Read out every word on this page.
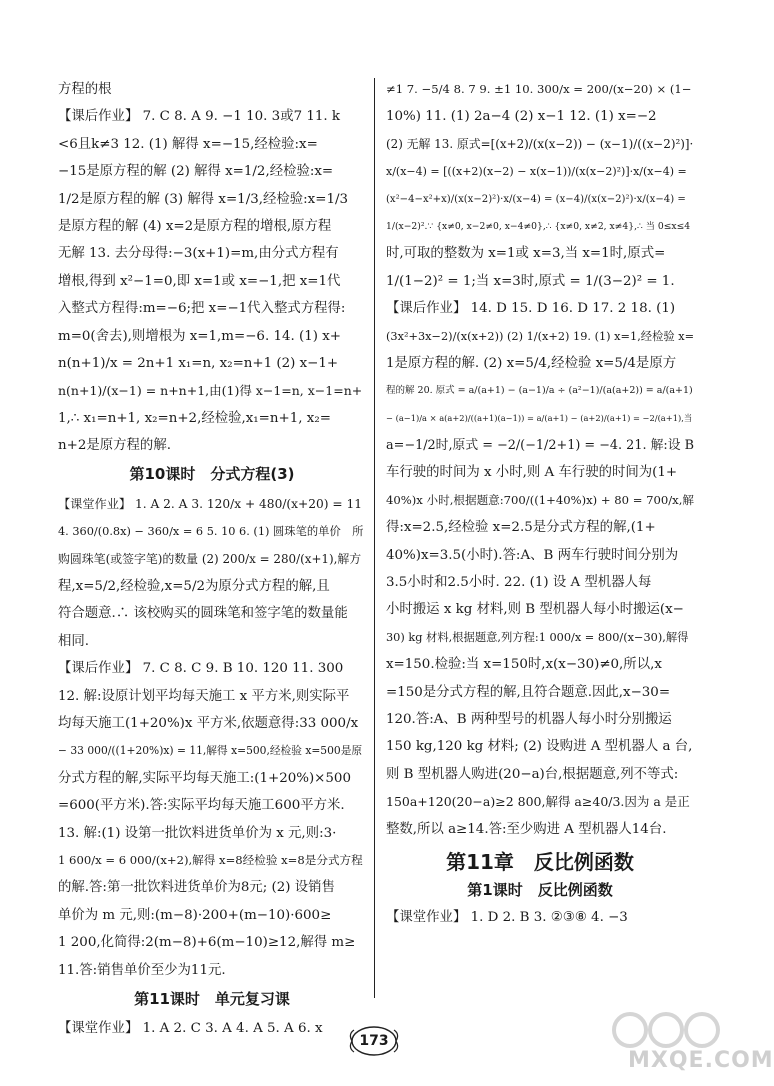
方程的根
【课后作业】 7. C 8. A 9. −1 10. 3或7 11. k
<6且k≠3 12. (1) 解得 x=−15,经检验:x=
−15是原方程的解 (2) 解得 x=1/2,经检验:x=
1/2是原方程的解 (3) 解得 x=1/3,经检验:x=1/3
是原方程的解 (4) x=2是原方程的增根,原方程
无解 13. 去分母得:−3(x+1)=m,由分式方程有
增根,得到 x²−1=0,即 x=1或 x=−1,把 x=1代
入整式方程得:m=−6;把 x=−1代入整式方程得:
m=0(舍去),则增根为 x=1,m=−6. 14. (1) x+
n(n+1)/x = 2n+1 x₁=n, x₂=n+1 (2) x−1+
n(n+1)/(x−1) = n+n+1,由(1)得 x−1=n, x−1=n+
1,∴ x₁=n+1, x₂=n+2,经检验,x₁=n+1, x₂=
n+2是原方程的解.
第10课时　分式方程(3)
【课堂作业】 1. A 2. A 3. 120/x + 480/(x+20) = 11
4. 360/(0.8x) − 360/x = 6 5. 10 6. (1) 圆珠笔的单价　所
购圆珠笔(或签字笔)的数量 (2) 200/x = 280/(x+1),解方
程,x=5/2,经检验,x=5/2为原分式方程的解,且
符合题意.∴ 该校购买的圆珠笔和签字笔的数量能
相同.
【课后作业】 7. C 8. C 9. B 10. 120 11. 300
12. 解:设原计划平均每天施工 x 平方米,则实际平
均每天施工(1+20%)x 平方米,依题意得:33 000/x
− 33 000/((1+20%)x) = 11,解得 x=500,经检验 x=500是原
分式方程的解,实际平均每天施工:(1+20%)×500
=600(平方米).答:实际平均每天施工600平方米.
13. 解:(1) 设第一批饮料进货单价为 x 元,则:3·
1 600/x = 6 000/(x+2),解得 x=8经检验 x=8是分式方程
的解.答:第一批饮料进货单价为8元; (2) 设销售
单价为 m 元,则:(m−8)·200+(m−10)·600≥
1 200,化简得:2(m−8)+6(m−10)≥12,解得 m≥
11.答:销售单价至少为11元.
第11课时　单元复习课
【课堂作业】 1. A 2. C 3. A 4. A 5. A 6. x
≠1 7. −5/4 8. 7 9. ±1 10. 300/x = 200/(x−20) × (1−
10%) 11. (1) 2a−4 (2) x−1 12. (1) x=−2
(2) 无解 13. 原式=[(x+2)/(x(x−2)) − (x−1)/((x−2)²)]·
x/(x−4) = [((x+2)(x−2) − x(x−1))/(x(x−2)²)]·x/(x−4) =
(x²−4−x²+x)/(x(x−2)²)·x/(x−4) = (x−4)/(x(x−2)²)·x/(x−4) =
1/(x−2)².∵ {x≠0, x−2≠0, x−4≠0},∴ {x≠0, x≠2, x≠4},∴ 当 0≤x≤4
时,可取的整数为 x=1或 x=3,当 x=1时,原式=
1/(1−2)² = 1;当 x=3时,原式 = 1/(3−2)² = 1.
【课后作业】 14. D 15. D 16. D 17. 2 18. (1)
(3x²+3x−2)/(x(x+2)) (2) 1/(x+2) 19. (1) x=1,经检验 x=
1是原方程的解. (2) x=5/4,经检验 x=5/4是原方
程的解 20. 原式 = a/(a+1) − (a−1)/a ÷ (a²−1)/(a(a+2)) = a/(a+1)
− (a−1)/a × a(a+2)/((a+1)(a−1)) = a/(a+1) − (a+2)/(a+1) = −2/(a+1),当
a=−1/2时,原式 = −2/(−1/2+1) = −4. 21. 解:设 B
车行驶的时间为 x 小时,则 A 车行驶的时间为(1+
40%)x 小时,根据题意:700/((1+40%)x) + 80 = 700/x,解
得:x=2.5,经检验 x=2.5是分式方程的解,(1+
40%)x=3.5(小时).答:A、B 两车行驶时间分别为
3.5小时和2.5小时. 22. (1) 设 A 型机器人每
小时搬运 x kg 材料,则 B 型机器人每小时搬运(x−
30) kg 材料,根据题意,列方程:1 000/x = 800/(x−30),解得
x=150.检验:当 x=150时,x(x−30)≠0,所以,x
=150是分式方程的解,且符合题意.因此,x−30=
120.答:A、B 两种型号的机器人每小时分别搬运
150 kg,120 kg 材料; (2) 设购进 A 型机器人 a 台,
则 B 型机器人购进(20−a)台,根据题意,列不等式:
150a+120(20−a)≥2 800,解得 a≥40/3.因为 a 是正
整数,所以 a≥14.答:至少购进 A 型机器人14台.
第11章　反比例函数
第1课时　反比例函数
【课堂作业】 1. D 2. B 3. ②③⑧ 4. −3
173
MXQE.COM
